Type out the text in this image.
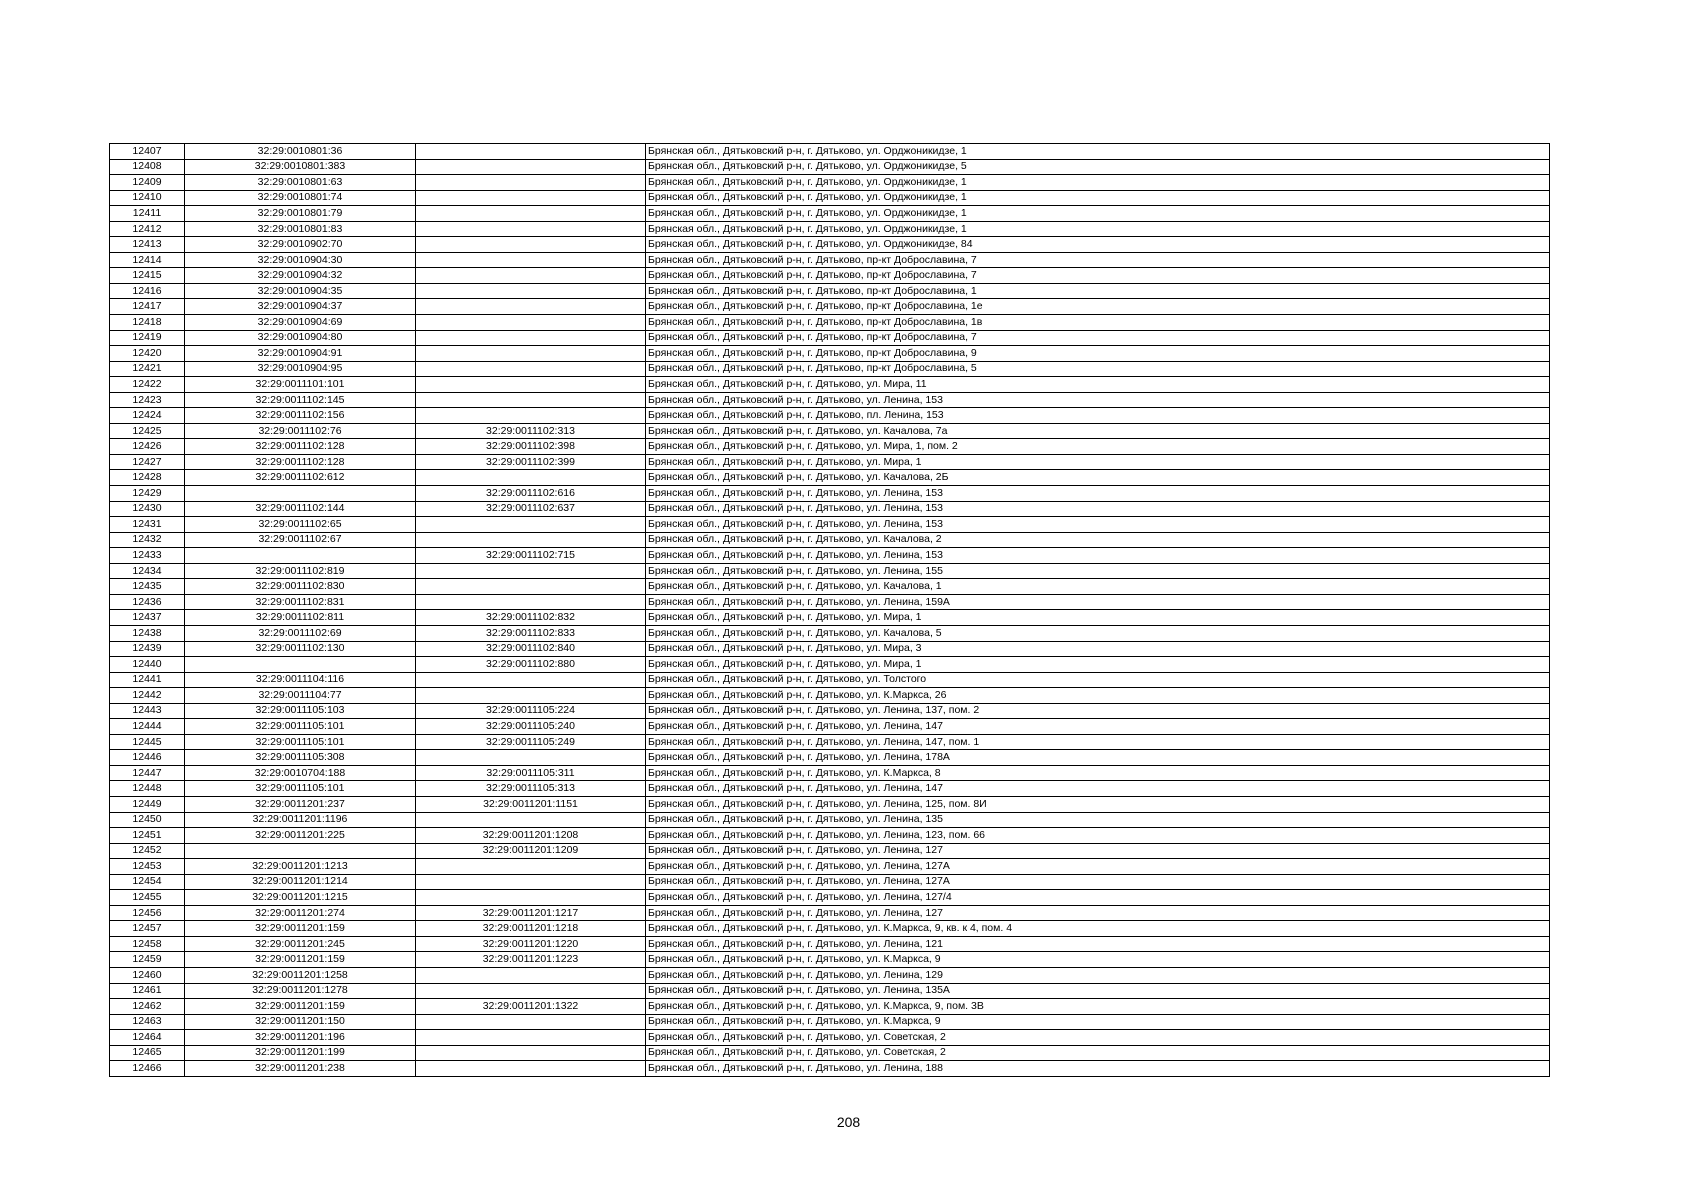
12407	32:29:0010801:36		Брянская обл., Дятьковский р-н, г. Дятьково, ул. Орджоникидзе, 1
12408	32:29:0010801:383		Брянская обл., Дятьковский р-н, г. Дятьково, ул. Орджоникидзе, 5
12409	32:29:0010801:63		Брянская обл., Дятьковский р-н, г. Дятьково, ул. Орджоникидзе, 1
12410	32:29:0010801:74		Брянская обл., Дятьковский р-н, г. Дятьково, ул. Орджоникидзе, 1
12411	32:29:0010801:79		Брянская обл., Дятьковский р-н, г. Дятьково, ул. Орджоникидзе, 1
12412	32:29:0010801:83		Брянская обл., Дятьковский р-н, г. Дятьково, ул. Орджоникидзе, 1
12413	32:29:0010902:70		Брянская обл., Дятьковский р-н, г. Дятьково, ул. Орджоникидзе, 84
12414	32:29:0010904:30		Брянская обл., Дятьковский р-н, г. Дятьково, пр-кт Доброславина, 7
12415	32:29:0010904:32		Брянская обл., Дятьковский р-н, г. Дятьково, пр-кт Доброславина, 7
12416	32:29:0010904:35		Брянская обл., Дятьковский р-н, г. Дятьково, пр-кт Доброславина, 1
12417	32:29:0010904:37		Брянская обл., Дятьковский р-н, г. Дятьково, пр-кт Доброславина, 1е
12418	32:29:0010904:69		Брянская обл., Дятьковский р-н, г. Дятьково, пр-кт Доброславина, 1в
12419	32:29:0010904:80		Брянская обл., Дятьковский р-н, г. Дятьково, пр-кт Доброславина, 7
12420	32:29:0010904:91		Брянская обл., Дятьковский р-н, г. Дятьково, пр-кт Доброславина, 9
12421	32:29:0010904:95		Брянская обл., Дятьковский р-н, г. Дятьково, пр-кт Доброславина, 5
12422	32:29:0011101:101		Брянская обл., Дятьковский р-н, г. Дятьково, ул. Мира, 11
12423	32:29:0011102:145		Брянская обл., Дятьковский р-н, г. Дятьково, ул. Ленина, 153
12424	32:29:0011102:156		Брянская обл., Дятьковский р-н, г. Дятьково, пл. Ленина, 153
12425	32:29:0011102:76	32:29:0011102:313	Брянская обл., Дятьковский р-н, г. Дятьково, ул. Качалова, 7а
12426	32:29:0011102:128	32:29:0011102:398	Брянская обл., Дятьковский р-н, г. Дятьково, ул. Мира, 1, пом. 2
12427	32:29:0011102:128	32:29:0011102:399	Брянская обл., Дятьковский р-н, г. Дятьково, ул. Мира, 1
12428	32:29:0011102:612		Брянская обл., Дятьковский р-н, г. Дятьково, ул. Качалова, 2Б
12429		32:29:0011102:616	Брянская обл., Дятьковский р-н, г. Дятьково, ул. Ленина, 153
12430	32:29:0011102:144	32:29:0011102:637	Брянская обл., Дятьковский р-н, г. Дятьково, ул. Ленина, 153
12431	32:29:0011102:65		Брянская обл., Дятьковский р-н, г. Дятьково, ул. Ленина, 153
12432	32:29:0011102:67		Брянская обл., Дятьковский р-н, г. Дятьково, ул. Качалова, 2
12433		32:29:0011102:715	Брянская обл., Дятьковский р-н, г. Дятьково, ул. Ленина, 153
12434	32:29:0011102:819		Брянская обл., Дятьковский р-н, г. Дятьково, ул. Ленина, 155
12435	32:29:0011102:830		Брянская обл., Дятьковский р-н, г. Дятьково, ул. Качалова, 1
12436	32:29:0011102:831		Брянская обл., Дятьковский р-н, г. Дятьково, ул. Ленина, 159А
12437	32:29:0011102:811	32:29:0011102:832	Брянская обл., Дятьковский р-н, г. Дятьково, ул. Мира, 1
12438	32:29:0011102:69	32:29:0011102:833	Брянская обл., Дятьковский р-н, г. Дятьково, ул. Качалова, 5
12439	32:29:0011102:130	32:29:0011102:840	Брянская обл., Дятьковский р-н, г. Дятьково, ул. Мира, 3
12440		32:29:0011102:880	Брянская обл., Дятьковский р-н, г. Дятьково, ул. Мира, 1
12441	32:29:0011104:116		Брянская обл., Дятьковский р-н, г. Дятьково, ул. Толстого
12442	32:29:0011104:77		Брянская обл., Дятьковский р-н, г. Дятьково, ул. К.Маркса, 26
12443	32:29:0011105:103	32:29:0011105:224	Брянская обл., Дятьковский р-н, г. Дятьково, ул. Ленина, 137, пом. 2
12444	32:29:0011105:101	32:29:0011105:240	Брянская обл., Дятьковский р-н, г. Дятьково, ул. Ленина, 147
12445	32:29:0011105:101	32:29:0011105:249	Брянская обл., Дятьковский р-н, г. Дятьково, ул. Ленина, 147, пом. 1
12446	32:29:0011105:308		Брянская обл., Дятьковский р-н, г. Дятьково, ул. Ленина, 178А
12447	32:29:0010704:188	32:29:0011105:311	Брянская обл., Дятьковский р-н, г. Дятьково, ул. К.Маркса, 8
12448	32:29:0011105:101	32:29:0011105:313	Брянская обл., Дятьковский р-н, г. Дятьково, ул. Ленина, 147
12449	32:29:0011201:237	32:29:0011201:1151	Брянская обл., Дятьковский р-н, г. Дятьково, ул. Ленина, 125, пом. 8И
12450	32:29:0011201:1196		Брянская обл., Дятьковский р-н, г. Дятьково, ул. Ленина, 135
12451	32:29:0011201:225	32:29:0011201:1208	Брянская обл., Дятьковский р-н, г. Дятьково, ул. Ленина, 123, пом. 66
12452		32:29:0011201:1209	Брянская обл., Дятьковский р-н, г. Дятьково, ул. Ленина, 127
12453	32:29:0011201:1213		Брянская обл., Дятьковский р-н, г. Дятьково, ул. Ленина, 127А
12454	32:29:0011201:1214		Брянская обл., Дятьковский р-н, г. Дятьково, ул. Ленина, 127А
12455	32:29:0011201:1215		Брянская обл., Дятьковский р-н, г. Дятьково, ул. Ленина, 127/4
12456	32:29:0011201:274	32:29:0011201:1217	Брянская обл., Дятьковский р-н, г. Дятьково, ул. Ленина, 127
12457	32:29:0011201:159	32:29:0011201:1218	Брянская обл., Дятьковский р-н, г. Дятьково, ул. К.Маркса, 9, кв. к 4, пом. 4
12458	32:29:0011201:245	32:29:0011201:1220	Брянская обл., Дятьковский р-н, г. Дятьково, ул. Ленина, 121
12459	32:29:0011201:159	32:29:0011201:1223	Брянская обл., Дятьковский р-н, г. Дятьково, ул. К.Маркса, 9
12460	32:29:0011201:1258		Брянская обл., Дятьковский р-н, г. Дятьково, ул. Ленина, 129
12461	32:29:0011201:1278		Брянская обл., Дятьковский р-н, г. Дятьково, ул. Ленина, 135А
12462	32:29:0011201:159	32:29:0011201:1322	Брянская обл., Дятьковский р-н, г. Дятьково, ул. К.Маркса, 9, пом. 3В
12463	32:29:0011201:150		Брянская обл., Дятьковский р-н, г. Дятьково, ул. К.Маркса, 9
12464	32:29:0011201:196		Брянская обл., Дятьковский р-н, г. Дятьково, ул. Советская, 2
12465	32:29:0011201:199		Брянская обл., Дятьковский р-н, г. Дятьково, ул. Советская, 2
12466	32:29:0011201:238		Брянская обл., Дятьковский р-н, г. Дятьково, ул. Ленина, 188
208
